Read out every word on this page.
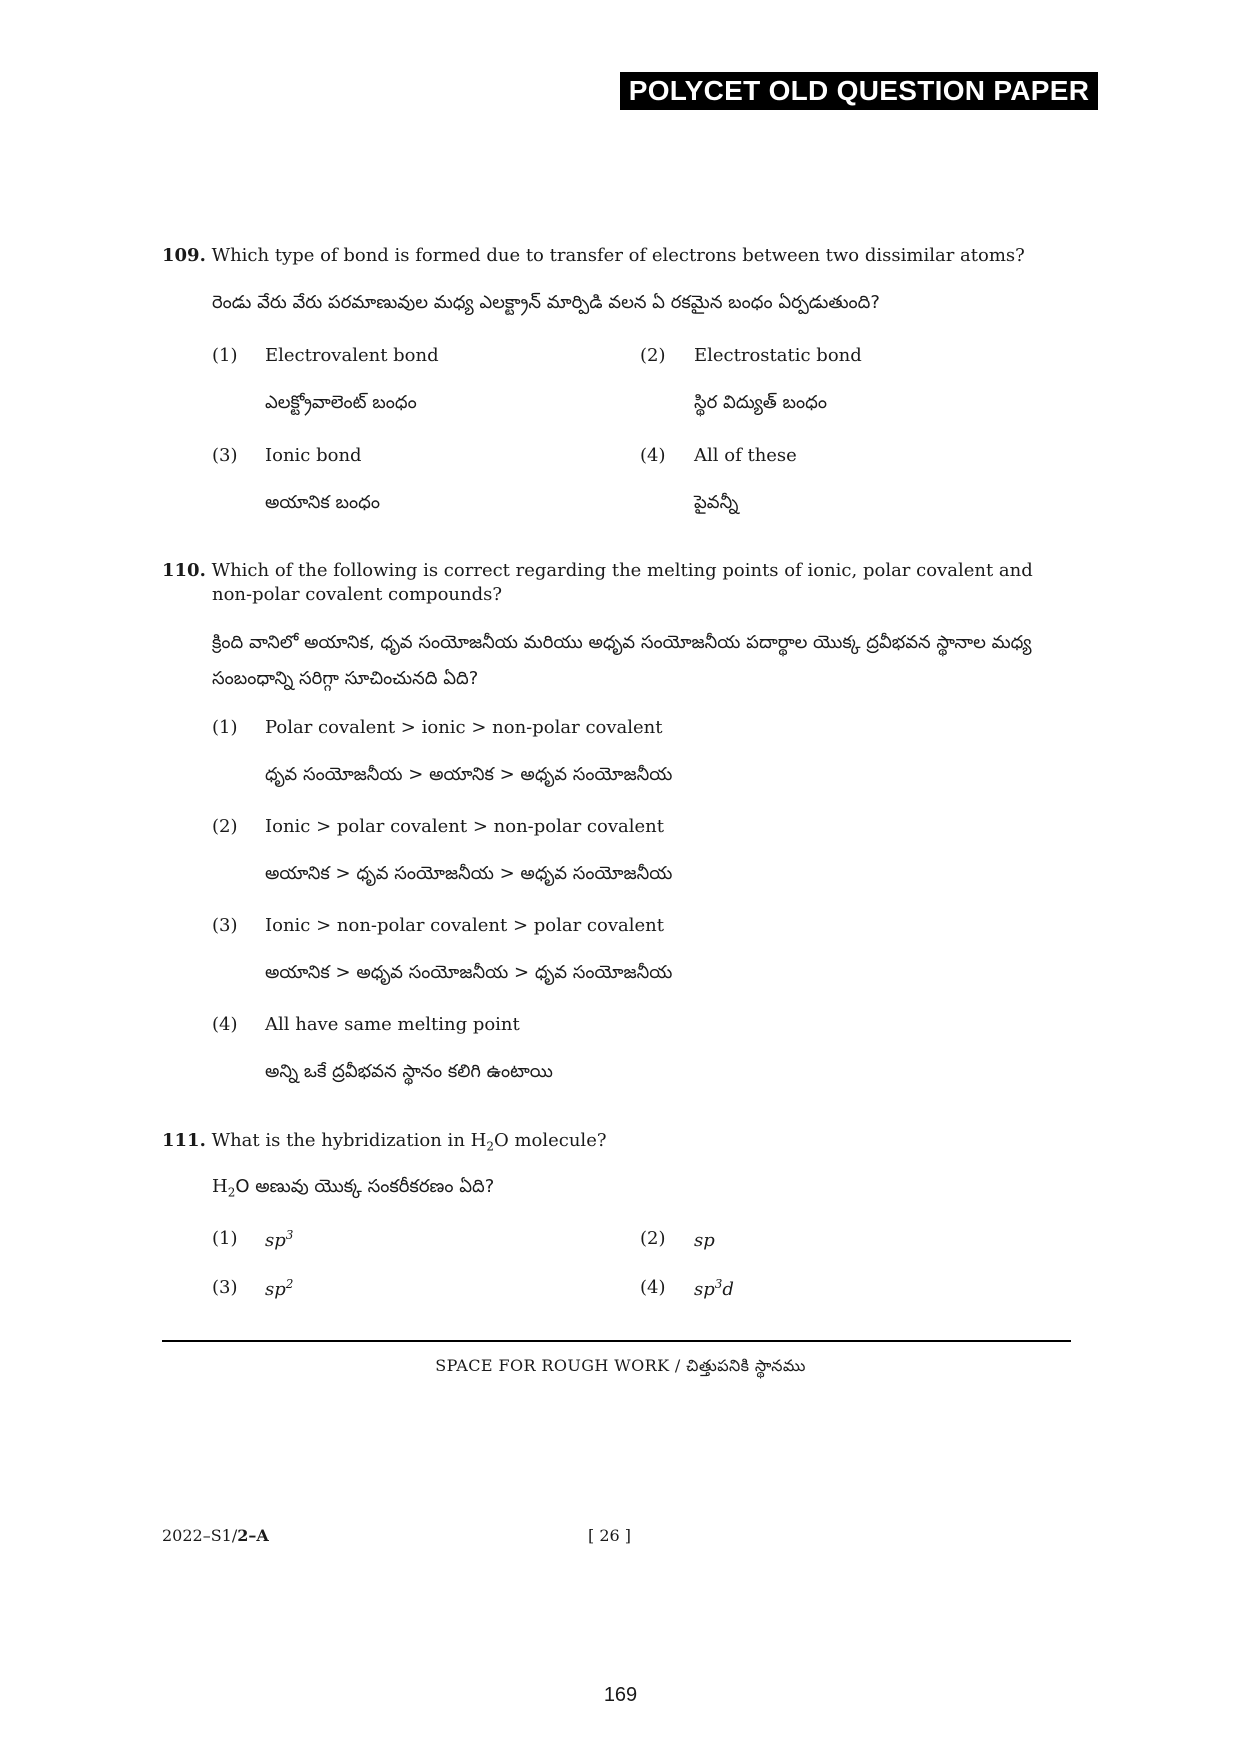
POLYCET OLD QUESTION PAPER
109. Which type of bond is formed due to transfer of electrons between two dissimilar atoms?
రెండు వేరు వేరు పరమాణువుల మధ్య ఎలక్ట్రాన్ మార్పిడి వలన ఏ రకమైన బంధం ఏర్పడుతుంది?
(1) Electrovalent bond
ఎలక్ట్రోవాలెంట్ బంధం
(2) Electrostatic bond
స్థిర విద్యుత్ బంధం
(3) Ionic bond
అయానిక బంధం
(4) All of these
పైవన్నీ
110. Which of the following is correct regarding the melting points of ionic, polar covalent and
non-polar covalent compounds?
క్రింది వానిలో అయానిక, ధృవ సంయోజనీయ మరియు అధృవ సంయోజనీయ పదార్థాల యొక్క ద్రవీభవన స్థానాల మధ్య
సంబంధాన్ని సరిగ్గా సూచించునది ఏది?
(1) Polar covalent > ionic > non-polar covalent
ధృవ సంయోజనీయ > అయానిక > అధృవ సంయోజనీయ
(2) Ionic > polar covalent > non-polar covalent
అయానిక > ధృవ సంయోజనీయ > అధృవ సంయోజనీయ
(3) Ionic > non-polar covalent > polar covalent
అయానిక > అధృవ సంయోజనీయ > ధృవ సంయోజనీయ
(4) All have same melting point
అన్ని ఒకే ద్రవీభవన స్థానం కలిగి ఉంటాయి
111. What is the hybridization in $H_2O$ molecule?
$H_2O$ అణువు యొక్క సంకరీకరణం ఏది?
(1) $sp^3$	(2) sp
(3) $sp^2$	(4) $sp^3d$
SPACE FOR ROUGH WORK / చిత్తుపనికి స్థానము
2022–S1/2–A	[ 26 ]
169
